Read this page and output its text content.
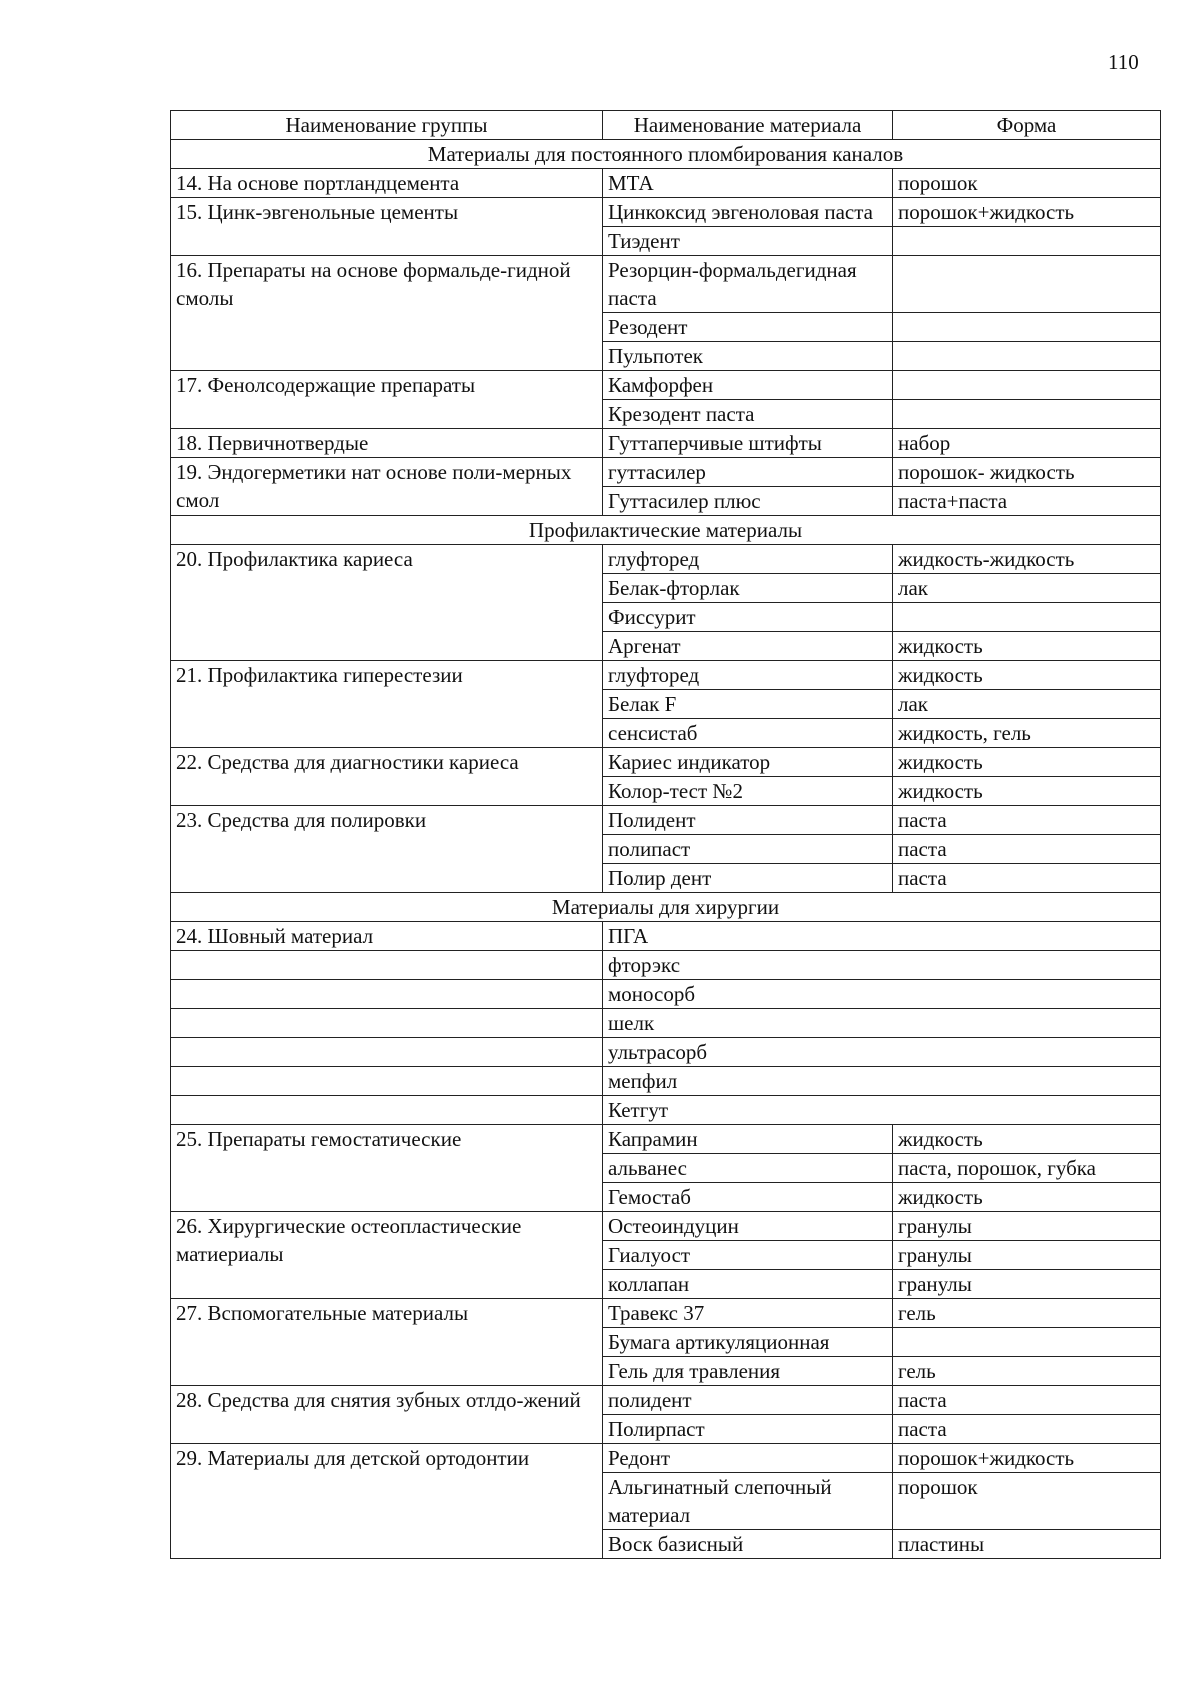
110
Наименование группы	Наименование материала	Форма
Материалы для постоянного пломбирования каналов		
14. На основе портландцемента	МТА	порошок
15. Цинк-эвгенольные цементы	Цинкоксид эвгеноловая паста	порошок+жидкость
	Тиэдент	
16. Препараты на основе формальде-гидной смолы	Резорцин-формальдегидная паста	
	Резодент	
	Пульпотек	
17. Фенолсодержащие препараты	Камфорфен	
	Крезодент паста	
18. Первичнотвердые	Гуттаперчивые штифты	набор
19. Эндогерметики нат основе поли-мерных смол	гуттасилер	порошок- жидкость
	Гуттасилер плюс	паста+паста
Профилактические материалы		
20. Профилактика кариеса	глуфторед	жидкость-жидкость
	Белак-фторлак	лак
	Фиссурит	
	Аргенат	жидкость
21. Профилактика гиперестезии	глуфторед	жидкость
	Белак F	лак
	сенсистаб	жидкость, гель
22. Средства для диагностики кариеса	Кариес индикатор	жидкость
	Колор-тест №2	жидкость
23. Средства для полировки	Полидент	паста
	полипаст	паста
	Полир дент	паста
Материалы для хирургии		
24. Шовный материал	ПГА	
	фторэкс	
	моносорб	
	шелк	
	ультрасорб	
	мепфил	
	Кетгут	
25. Препараты гемостатические	Капрамин	жидкость
	альванес	паста, порошок, губка
	Гемостаб	жидкость
26. Хирургические остеопластические матиериалы	Остеоиндуцин	гранулы
	Гиалуост	гранулы
	коллапан	гранулы
27. Вспомогательные материалы	Травекс 37	гель
	Бумага артикуляционная	
	Гель для травления	гель
28. Средства для снятия зубных отлдо-жений	полидент	паста
	Полирпаст	паста
29. Материалы для детской ортодонтии	Редонт	порошок+жидкость
	Альгинатный слепочный материал	порошок
	Воск базисный	пластины
